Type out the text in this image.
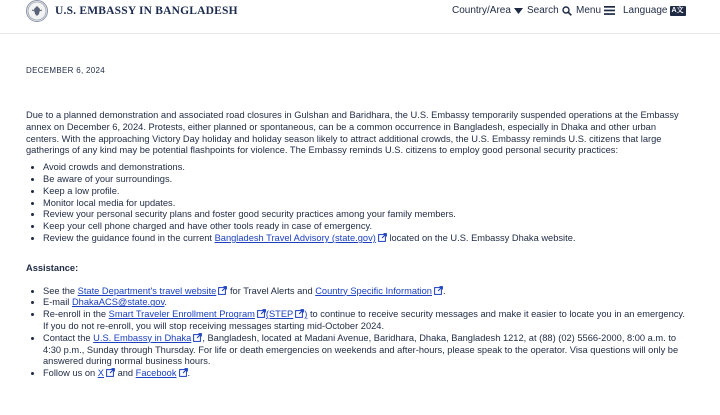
U.S. EMBASSY IN BANGLADESH	Country/Area Search Menu Language A文
DECEMBER 6, 2024

Due to a planned demonstration and associated road closures in Gulshan and Baridhara, the U.S. Embassy temporarily suspended operations at the Embassy annex on December 6, 2024. Protests, either planned or spontaneous, can be a common occurrence in Bangladesh, especially in Dhaka and other urban centers. With the approaching Victory Day holiday and holiday season likely to attract additional crowds, the U.S. Embassy reminds U.S. citizens that large gatherings of any kind may be potential flashpoints for violence. The Embassy reminds U.S. citizens to employ good personal security practices:

• Avoid crowds and demonstrations.
• Be aware of your surroundings.
• Keep a low profile.
• Monitor local media for updates.
• Review your personal security plans and foster good security practices among your family members.
• Keep your cell phone charged and have other tools ready in case of emergency.
• Review the guidance found in the current Bangladesh Travel Advisory (state.gov) located on the U.S. Embassy Dhaka website.

Assistance:

• See the State Department's travel website for Travel Alerts and Country Specific Information .
• E-mail DhakaACS@state.gov.
• Re-enroll in the Smart Traveler Enrollment Program (STEP ) to continue to receive security messages and make it easier to locate you in an emergency. If you do not re-enroll, you will stop receiving messages starting mid-October 2024.
• Contact the U.S. Embassy in Dhaka , Bangladesh, located at Madani Avenue, Baridhara, Dhaka, Bangladesh 1212, at (88) (02) 5566-2000, 8:00 a.m. to 4:30 p.m., Sunday through Thursday. For life or death emergencies on weekends and after-hours, please speak to the operator. Visa questions will only be answered during normal business hours.
• Follow us on X and Facebook .
